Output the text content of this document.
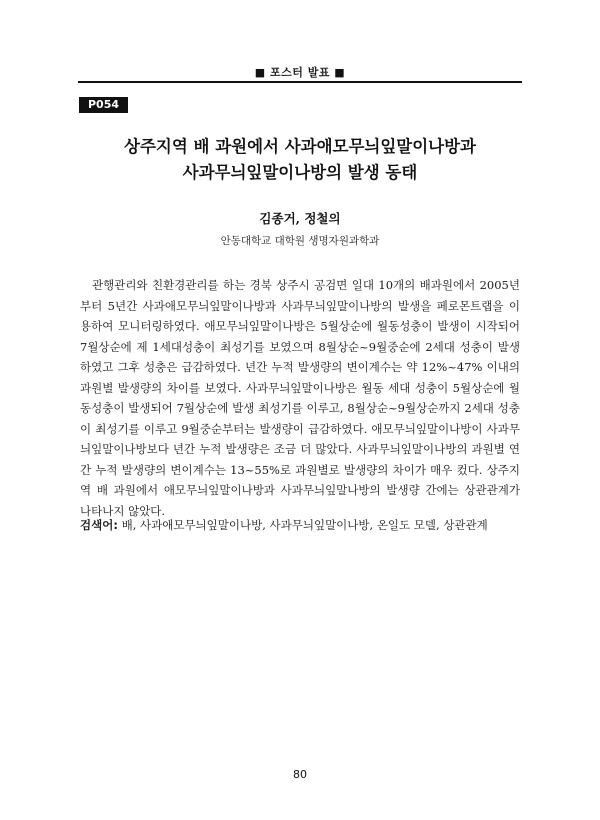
■ 포스터 발표 ■
P054
상주지역 배 과원에서 사과애모무늬잎말이나방과
사과무늬잎말이나방의 발생 동태
김종거, 정철의
안동대학교 대학원 생명자원과학과

관행관리와 친환경관리를 하는 경북 상주시 공검면 일대 10개의 배과원에서 2005년부터 5년간 사과애모무늬잎말이나방과 사과무늬잎말이나방의 발생을 페로몬트랩을 이용하여 모니터링하였다. 애모무늬잎말이나방은 5월상순에 월동성충이 발생이 시작되어 7월상순에 제 1세대성충이 최성기를 보였으며 8월상순~9월중순에 2세대 성충이 발생하였고 그후 성충은 급감하였다. 년간 누적 발생량의 변이계수는 약 12%~47% 이내의 과원별 발생량의 차이를 보였다. 사과무늬잎말이나방은 월동 세대 성충이 5월상순에 월동성충이 발생되어 7월상순에 발생 최성기를 이루고, 8월상순~9월상순까지 2세대 성충이 최성기를 이루고 9월중순부터는 발생량이 급감하였다. 애모무늬잎말이나방이 사과무늬잎말이나방보다 년간 누적 발생량은 조금 더 많았다. 사과무늬잎말이나방의 과원별 연간 누적 발생량의 변이계수는 13~55%로 과원별로 발생량의 차이가 매우 컸다. 상주지역 배 과원에서 애모무늬잎말이나방과 사과무늬잎말나방의 발생량 간에는 상관관계가 나타나지 않았다.

검색어: 배, 사과애모무늬잎말이나방, 사과무늬잎말이나방, 온일도 모델, 상관관계
80
